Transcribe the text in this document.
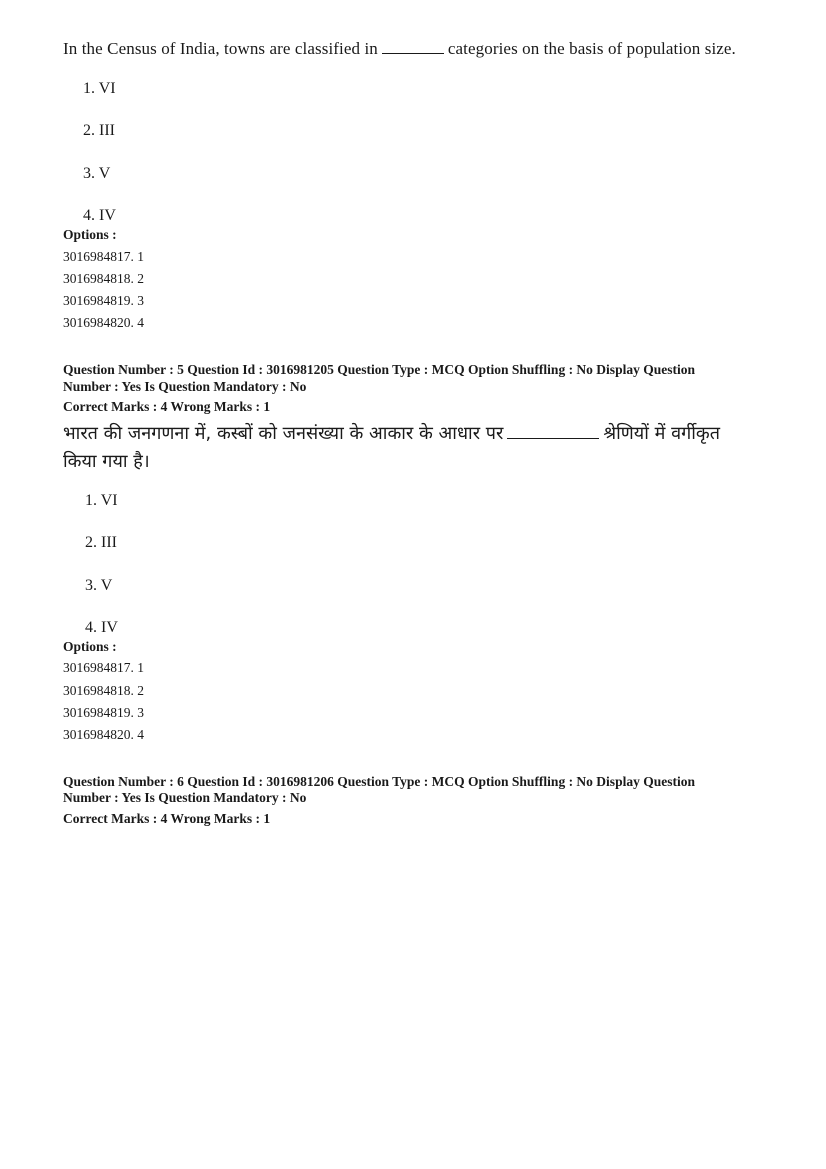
In the Census of India, towns are classified in	categories on the basis of population size.
1. VI
2. III
3. V
4. IV
Options :
3016984817. 1
3016984818. 2
3016984819. 3
3016984820. 4
Question Number : 5 Question Id : 3016981205 Question Type : MCQ Option Shuffling : No Display Question
Number : Yes Is Question Mandatory : No
Correct Marks : 4 Wrong Marks : 1
भारत की जनगणना में, कस्बों को जनसंख्या के आकार के आधार पर	श्रेणियों में वर्गीकृत
किया गया है।
1. VI
2. III
3. V
4. IV
Options :
3016984817. 1
3016984818. 2
3016984819. 3
3016984820. 4
Question Number : 6 Question Id : 3016981206 Question Type : MCQ Option Shuffling : No Display Question
Number : Yes Is Question Mandatory : No
Correct Marks : 4 Wrong Marks : 1
